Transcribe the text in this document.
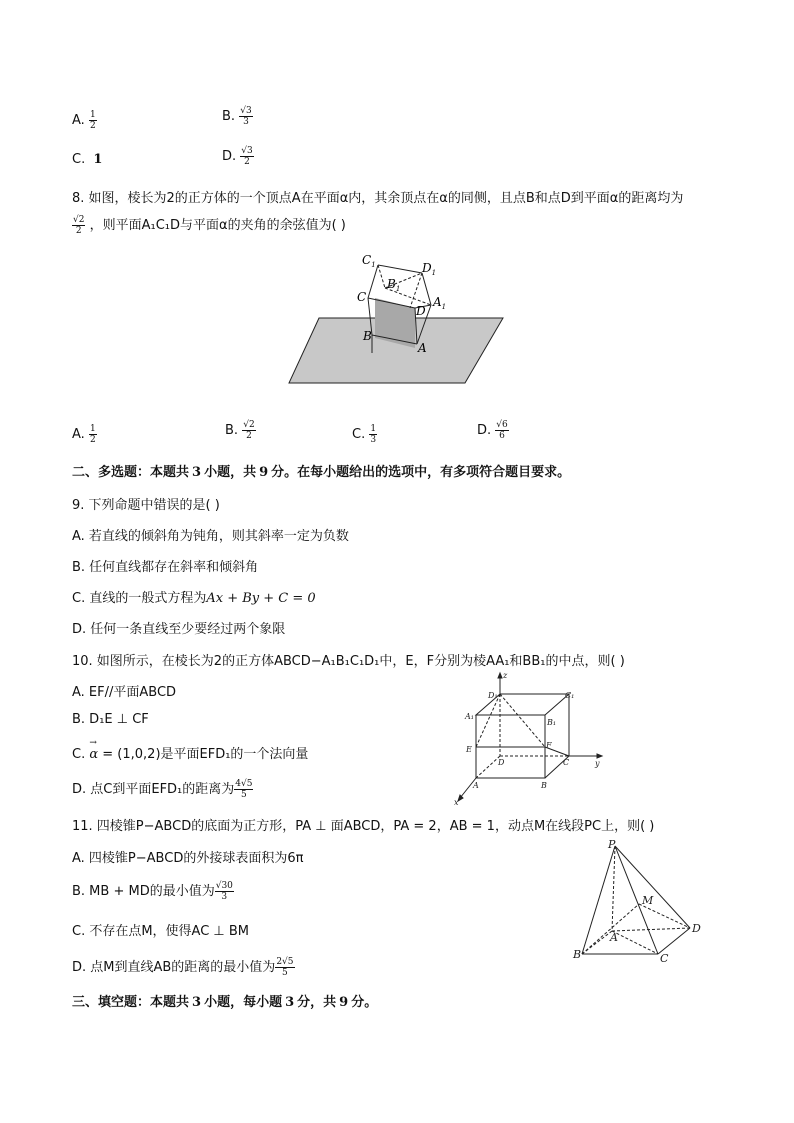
A. $\frac{1}{2}$	B. $\frac{√3}{3}$
C. 1	D. $\frac{√3}{2}$
8. 如图，棱长为2的正方体的一个顶点A在平面α内，其余顶点在α的同侧，且点B和点D到平面α的距离均为
$\frac{√2}{2}$ ，则平面A₁C₁D与平面α的夹角的余弦值为( )
$C_1$	$D_1$
$B_1$
$A_1$
C
D
B
A
A. $\frac{1}{2}$	B. $\frac{√2}{2}$	C. $\frac{1}{3}$	D. $\frac{√6}{6}$
二、多选题：本题共 3 小题，共 9 分。在每小题给出的选项中，有多项符合题目要求。
9. 下列命题中错误的是( )
A. 若直线的倾斜角为钝角，则其斜率一定为负数
B. 任何直线都存在斜率和倾斜角
C. 直线的一般式方程为Ax + By + C = 0
D. 任何一条直线至少要经过两个象限
10. 如图所示，在棱长为2的正方体ABCD−A₁B₁C₁D₁中，E，F分别为棱AA₁和BB₁的中点，则( )
A. EF//平面ABCD
B. D₁E ⊥ CF
C.
→
α = (1,0,2)是平面EFD₁的一个法向量
D. 点C到平面EFD₁的距离为 $\frac{4√5}{5}$
z
y
x
D₁	C₁
A₁
B₁
E	F
D	C
A	B
11. 四棱锥P−ABCD的底面为正方形，PA ⊥ 面ABCD，PA = 2，AB = 1，动点M在线段PC上，则( )
A. 四棱锥P−ABCD的外接球表面积为6π
B. MB + MD的最小值为 $\frac{√30}{3}$
C. 不存在点M，使得AC ⊥ BM
D. 点M到直线AB的距离的最小值为 $\frac{2√5}{5}$
P
M
A
B	C
D
三、填空题：本题共 3 小题，每小题 3 分，共 9 分。
